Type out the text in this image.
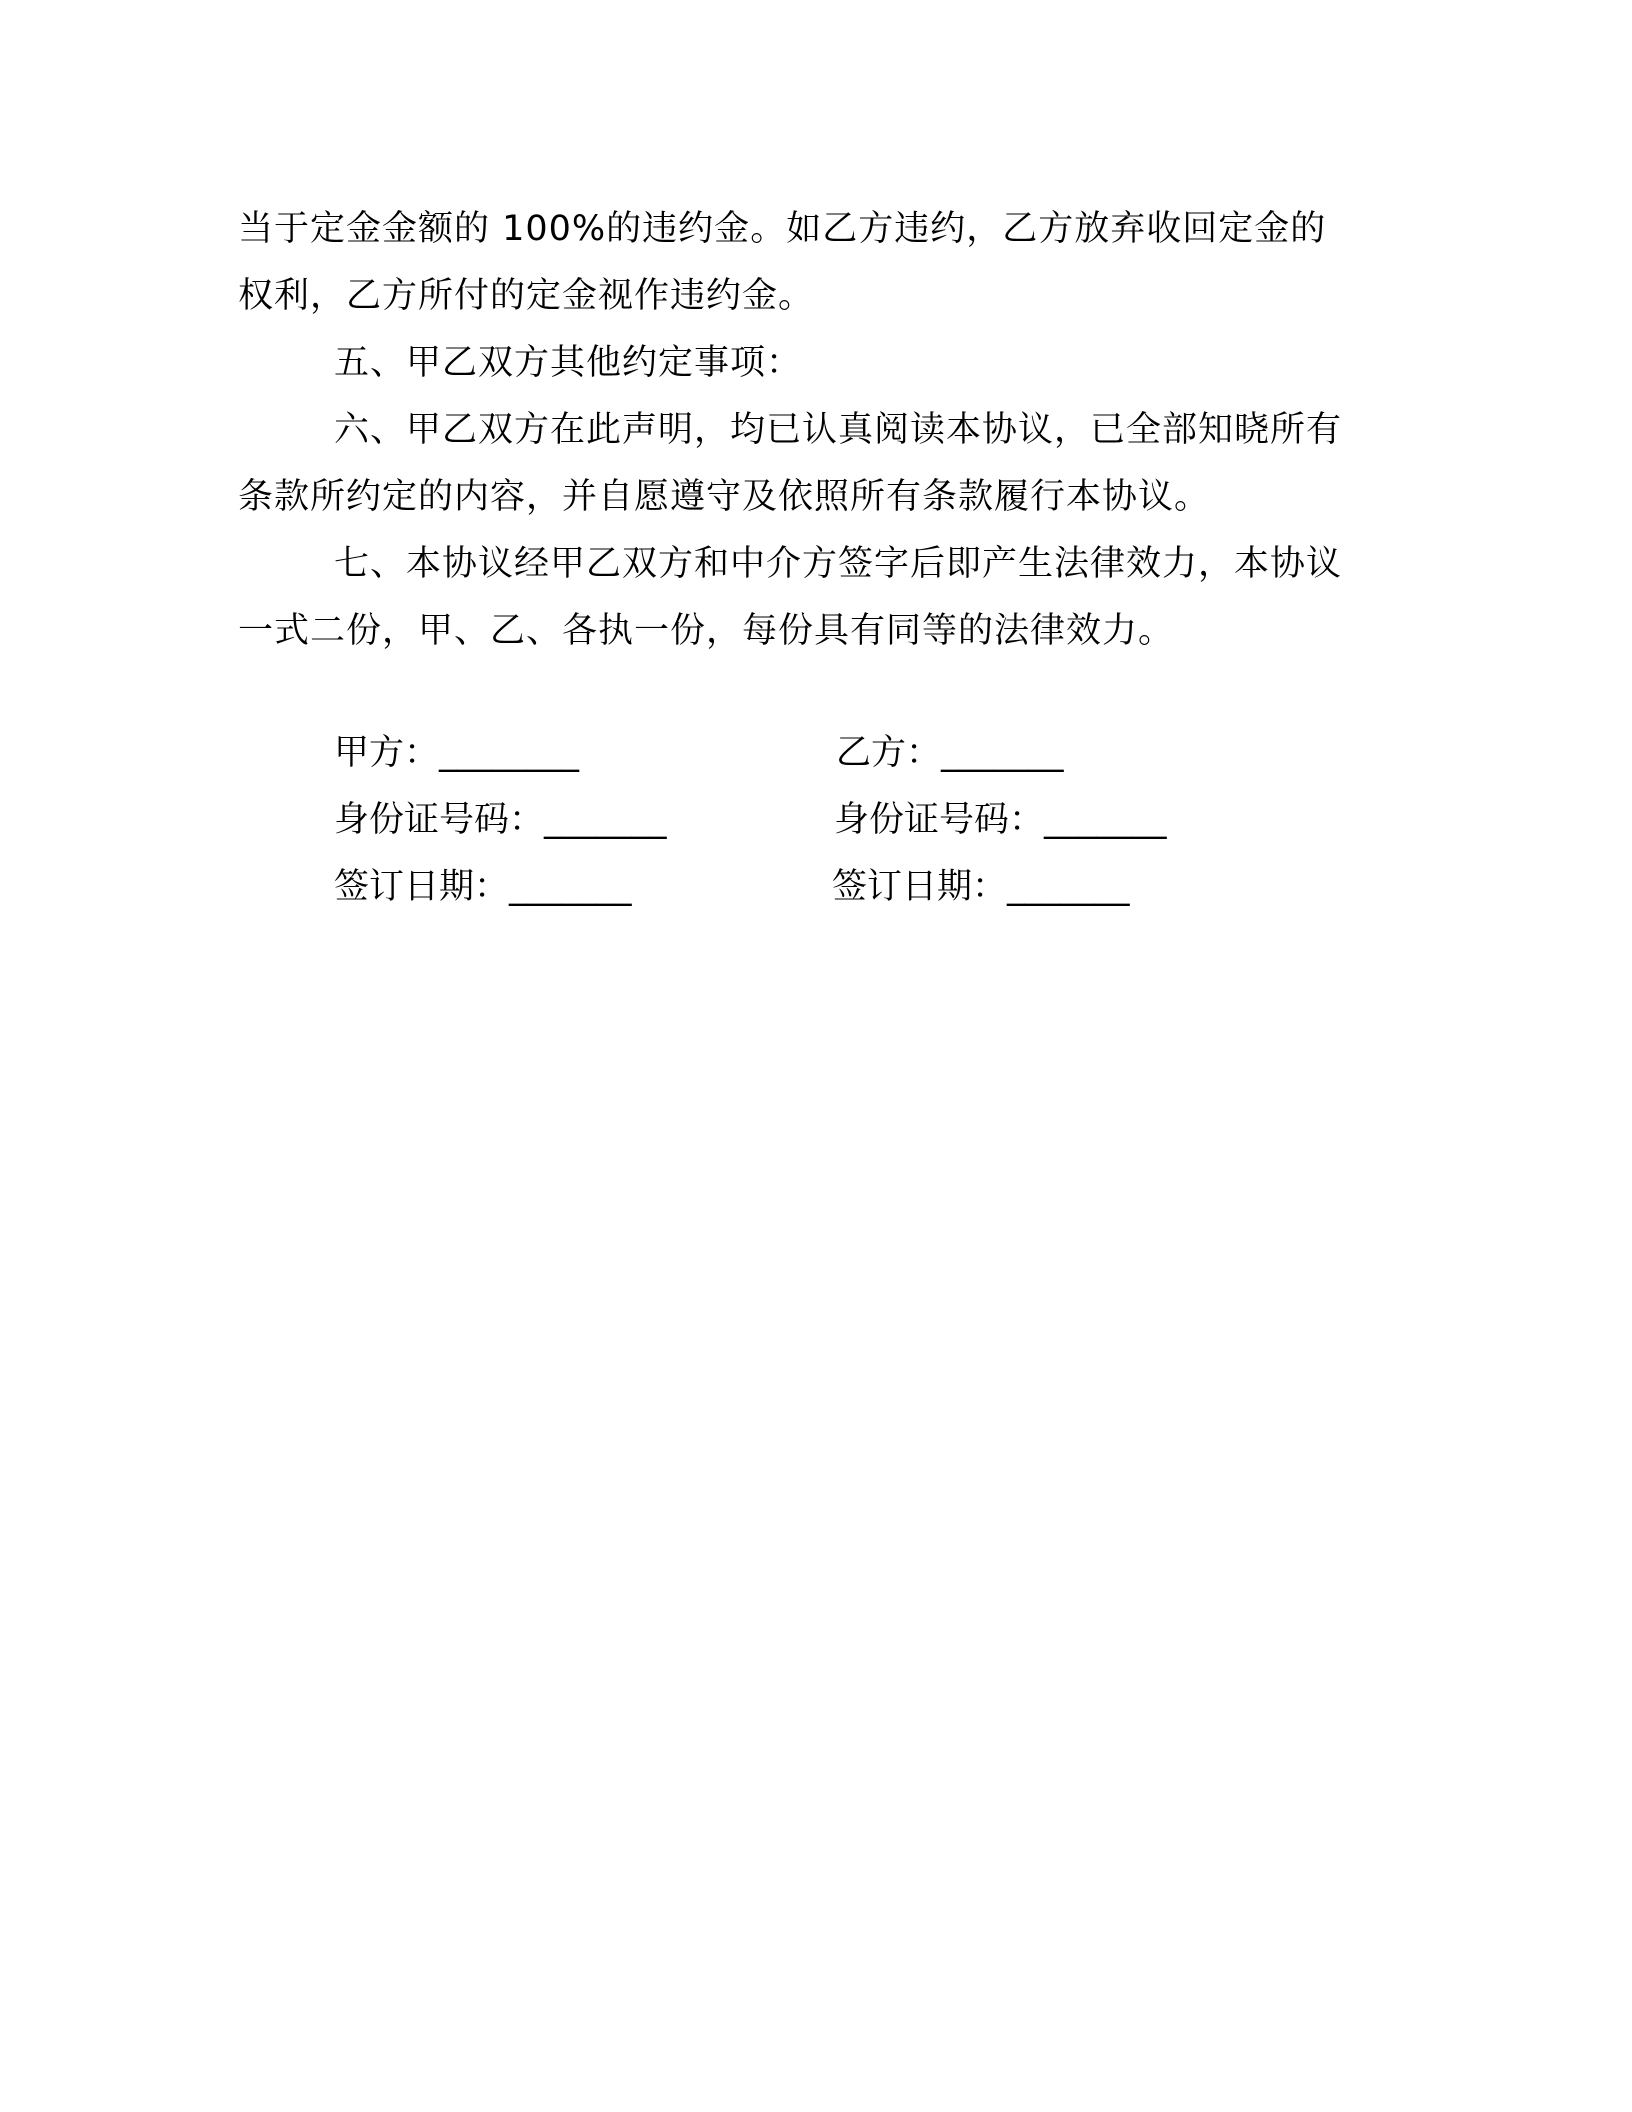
当于定金金额的 100%的违约金。如乙方违约，乙方放弃收回定金的

权利，乙方所付的定金视作违约金。

五、甲乙双方其他约定事项：

六、甲乙双方在此声明，均已认真阅读本协议，已全部知晓所有

条款所约定的内容，并自愿遵守及依照所有条款履行本协议。

七、本协议经甲乙双方和中介方签字后即产生法律效力，本协议

一式二份，甲、乙、各执一份，每份具有同等的法律效力。

甲方：________	乙方：_______
身份证号码：_______	身份证号码：_______
签订日期：_______	签订日期：_______
